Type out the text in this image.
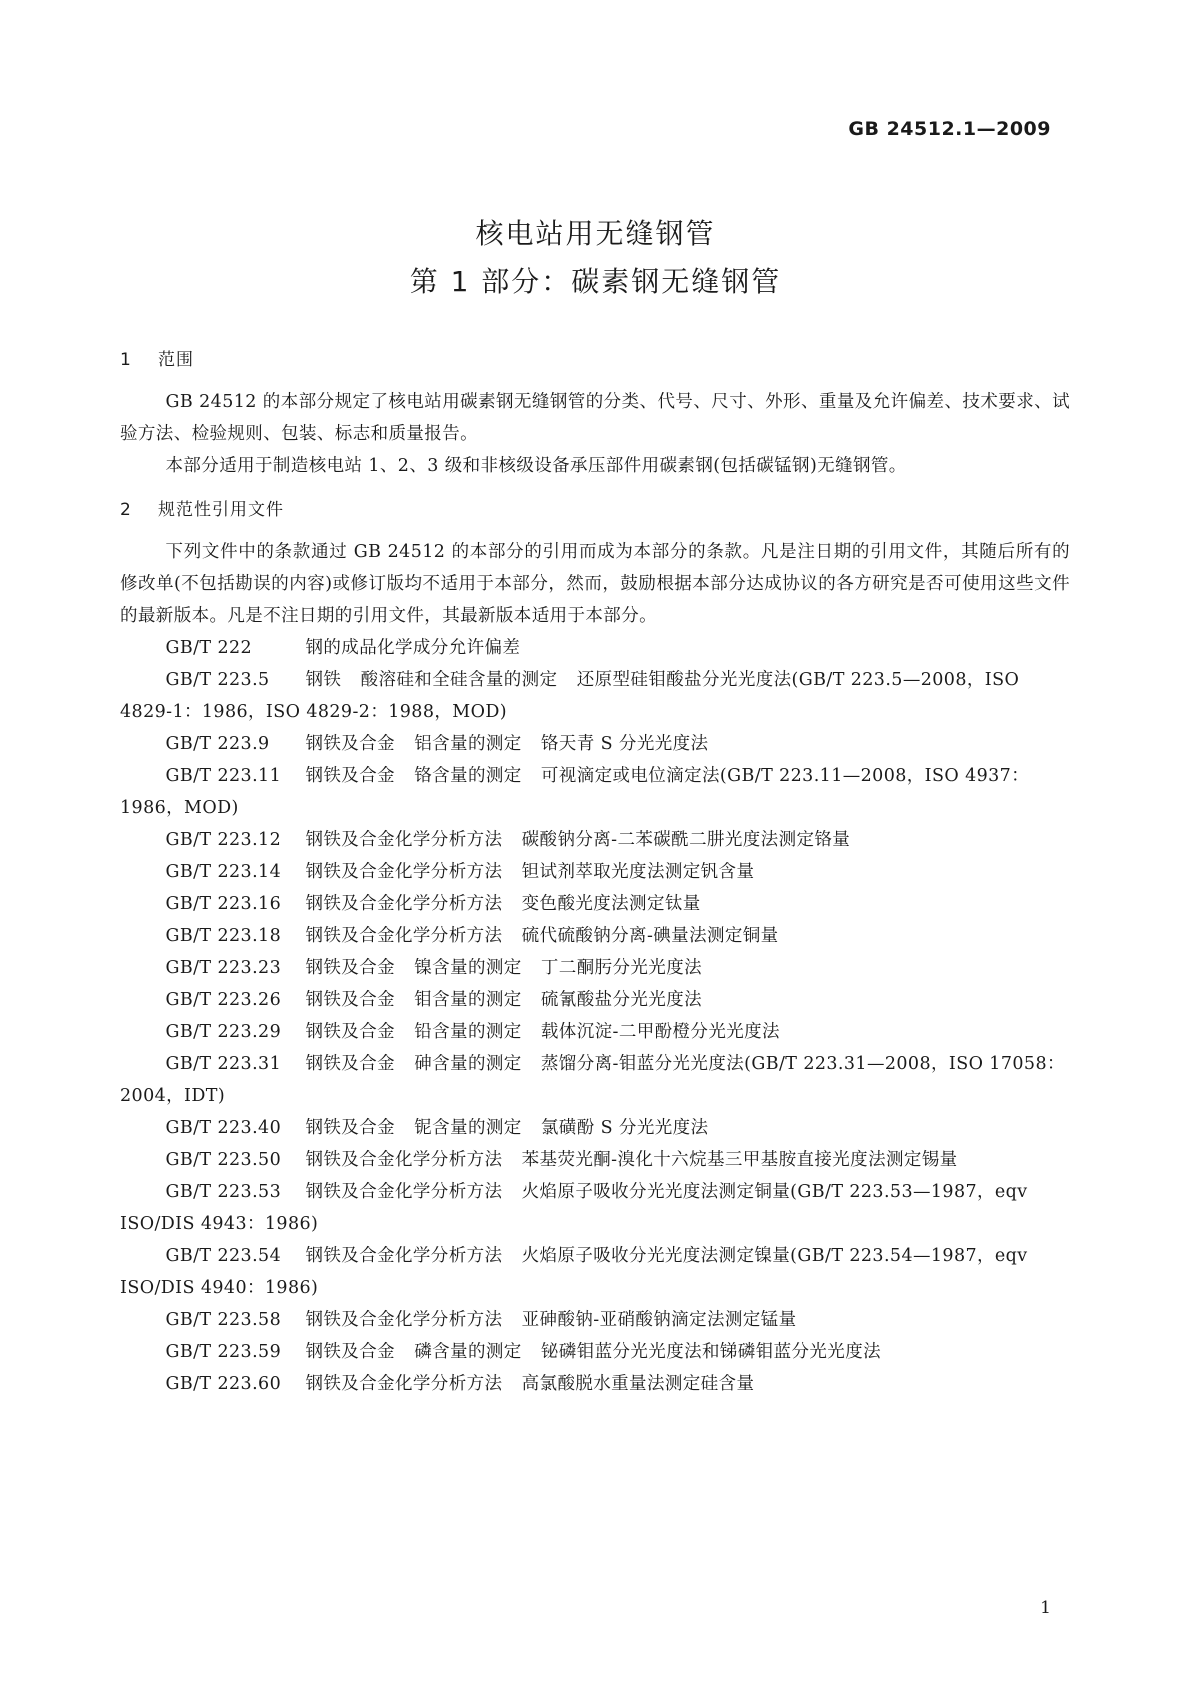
GB 24512.1—2009
核电站用无缝钢管
第 1 部分：碳素钢无缝钢管
1 范围

GB 24512 的本部分规定了核电站用碳素钢无缝钢管的分类、代号、尺寸、外形、重量及允许偏差、技术要求、试验方法、检验规则、包装、标志和质量报告。

本部分适用于制造核电站 1、2、3 级和非核级设备承压部件用碳素钢(包括碳锰钢)无缝钢管。

2 规范性引用文件

下列文件中的条款通过 GB 24512 的本部分的引用而成为本部分的条款。凡是注日期的引用文件，其随后所有的修改单(不包括勘误的内容)或修订版均不适用于本部分，然而，鼓励根据本部分达成协议的各方研究是否可使用这些文件的最新版本。凡是不注日期的引用文件，其最新版本适用于本部分。

GB/T 222	钢的成品化学成分允许偏差

GB/T 223.5 钢铁 酸溶硅和全硅含量的测定 还原型硅钼酸盐分光光度法(GB/T 223.5—2008，ISO 4829-1：1986，ISO 4829-2：1988，MOD)

GB/T 223.9 钢铁及合金 铝含量的测定 铬天青 S 分光光度法

GB/T 223.11 钢铁及合金 铬含量的测定 可视滴定或电位滴定法(GB/T 223.11—2008，ISO 4937：1986，MOD)

GB/T 223.12 钢铁及合金化学分析方法 碳酸钠分离-二苯碳酰二肼光度法测定铬量

GB/T 223.14 钢铁及合金化学分析方法 钽试剂萃取光度法测定钒含量

GB/T 223.16 钢铁及合金化学分析方法 变色酸光度法测定钛量

GB/T 223.18 钢铁及合金化学分析方法 硫代硫酸钠分离-碘量法测定铜量

GB/T 223.23 钢铁及合金 镍含量的测定 丁二酮肟分光光度法

GB/T 223.26 钢铁及合金 钼含量的测定 硫氰酸盐分光光度法

GB/T 223.29 钢铁及合金 铅含量的测定 载体沉淀-二甲酚橙分光光度法

GB/T 223.31 钢铁及合金 砷含量的测定 蒸馏分离-钼蓝分光光度法(GB/T 223.31—2008，ISO 17058：2004，IDT)

GB/T 223.40 钢铁及合金 铌含量的测定 氯磺酚 S 分光光度法

GB/T 223.50 钢铁及合金化学分析方法 苯基荧光酮-溴化十六烷基三甲基胺直接光度法测定锡量

GB/T 223.53 钢铁及合金化学分析方法 火焰原子吸收分光光度法测定铜量(GB/T 223.53—1987，eqv ISO/DIS 4943：1986)

GB/T 223.54 钢铁及合金化学分析方法 火焰原子吸收分光光度法测定镍量(GB/T 223.54—1987，eqv ISO/DIS 4940：1986)

GB/T 223.58 钢铁及合金化学分析方法 亚砷酸钠-亚硝酸钠滴定法测定锰量

GB/T 223.59 钢铁及合金 磷含量的测定 铋磷钼蓝分光光度法和锑磷钼蓝分光光度法

GB/T 223.60 钢铁及合金化学分析方法 高氯酸脱水重量法测定硅含量

1
